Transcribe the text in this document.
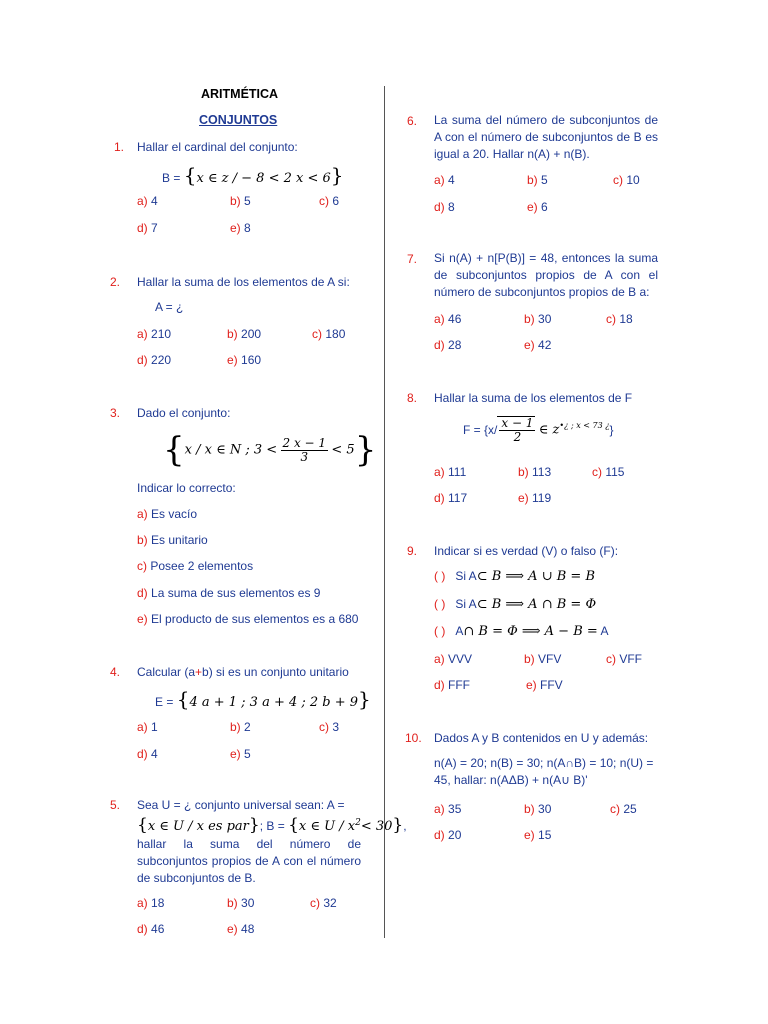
ARITMÉTICA
CONJUNTOS
1. Hallar el cardinal del conjunto:
B = {x ∈ z / − 8 < 2 x < 6}
a) 4	b) 5	c) 6
d) 7	e) 8
2. Hallar la suma de los elementos de A si:
A = ¿
a) 210	b) 200	c) 180
d) 220	e) 160
3. Dado el conjunto:
{x / x ∈ N ; $3 < \frac{2 x - 1}{3} < 5$}
Indicar lo correcto:
a) Es vacío
b) Es unitario
c) Posee 2 elementos
d) La suma de sus elementos es 9
e) El producto de sus elementos es a 680
4. Calcular (a+b) si es un conjunto unitario
E = {4 a + 1 ; 3 a + 4 ; 2 b + 9}
a) 1	b) 2	c) 3
d) 4	e) 5
5. Sea U = ¿ conjunto universal sean: A =
{x ∈ U / x es par}; B = {x ∈ $U / x^2< 30$},
hallar la suma del número de subconjuntos propios de A con el número de subconjuntos de B.
a) 18	b) 30	c) 32
d) 46	e) 48
6. La suma del número de subconjuntos de A con el número de subconjuntos de B es igual a 20. Hallar n(A) + n(B).
a) 4	b) 5	c) 10
d) 8	e) 6
7. Si n(A) + n[P(B)] = 48, entonces la suma de subconjuntos propios de A con el número de subconjuntos propios de B a:
a) 46	b) 30	c) 18
d) 28	e) 42
8. Hallar la suma de los elementos de F
$F = \{x/ \frac{x - 1}{2}$ ∈ $z^{•¿ ; x < 73 ¿}$}
a) 111	b) 113	c) 115
d) 117	e) 119
9. Indicar si es verdad (V) o falso (F):
( ) Si A⊂ B ⟹ A ∪ B = B
( ) Si A⊂ B ⟹ A ∩ B = Φ
( ) A∩ B = Φ ⟹ A − B = A
a) VVV	b) VFV	c) VFF
d) FFF	e) FFV
10. Dados A y B contenidos en U y además:
n(A) = 20; n(B) = 30; n(A∩B) = 10; n(U) =
45, hallar: n(AΔB) + n(A∪ B)'
a) 35	b) 30	c) 25
d) 20	e) 15
